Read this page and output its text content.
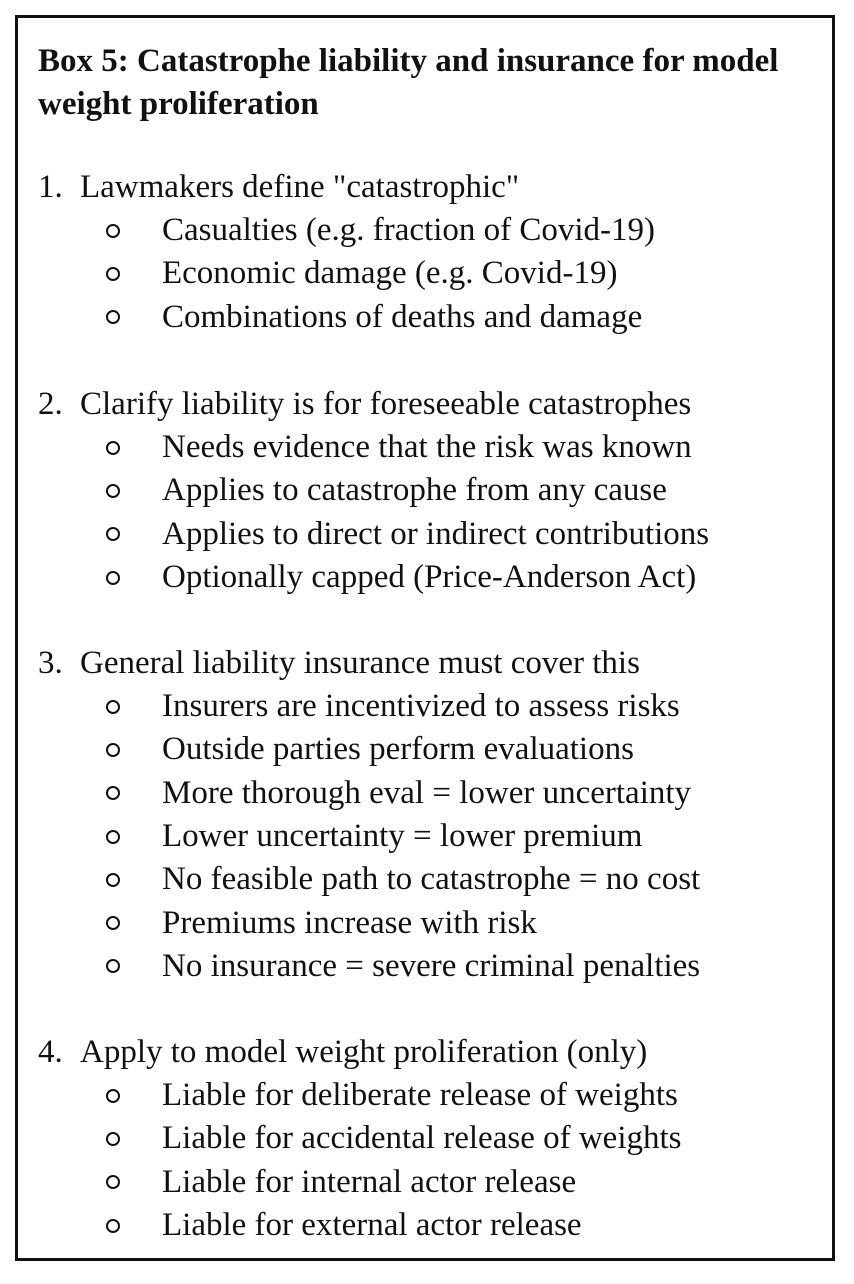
Box 5: Catastrophe liability and insurance for model weight proliferation
1. Lawmakers define "catastrophic"
Casualties (e.g. fraction of Covid-19)
Economic damage (e.g. Covid-19)
Combinations of deaths and damage
2. Clarify liability is for foreseeable catastrophes
Needs evidence that the risk was known
Applies to catastrophe from any cause
Applies to direct or indirect contributions
Optionally capped (Price-Anderson Act)
3. General liability insurance must cover this
Insurers are incentivized to assess risks
Outside parties perform evaluations
More thorough eval = lower uncertainty
Lower uncertainty = lower premium
No feasible path to catastrophe = no cost
Premiums increase with risk
No insurance = severe criminal penalties
4. Apply to model weight proliferation (only)
Liable for deliberate release of weights
Liable for accidental release of weights
Liable for internal actor release
Liable for external actor release
